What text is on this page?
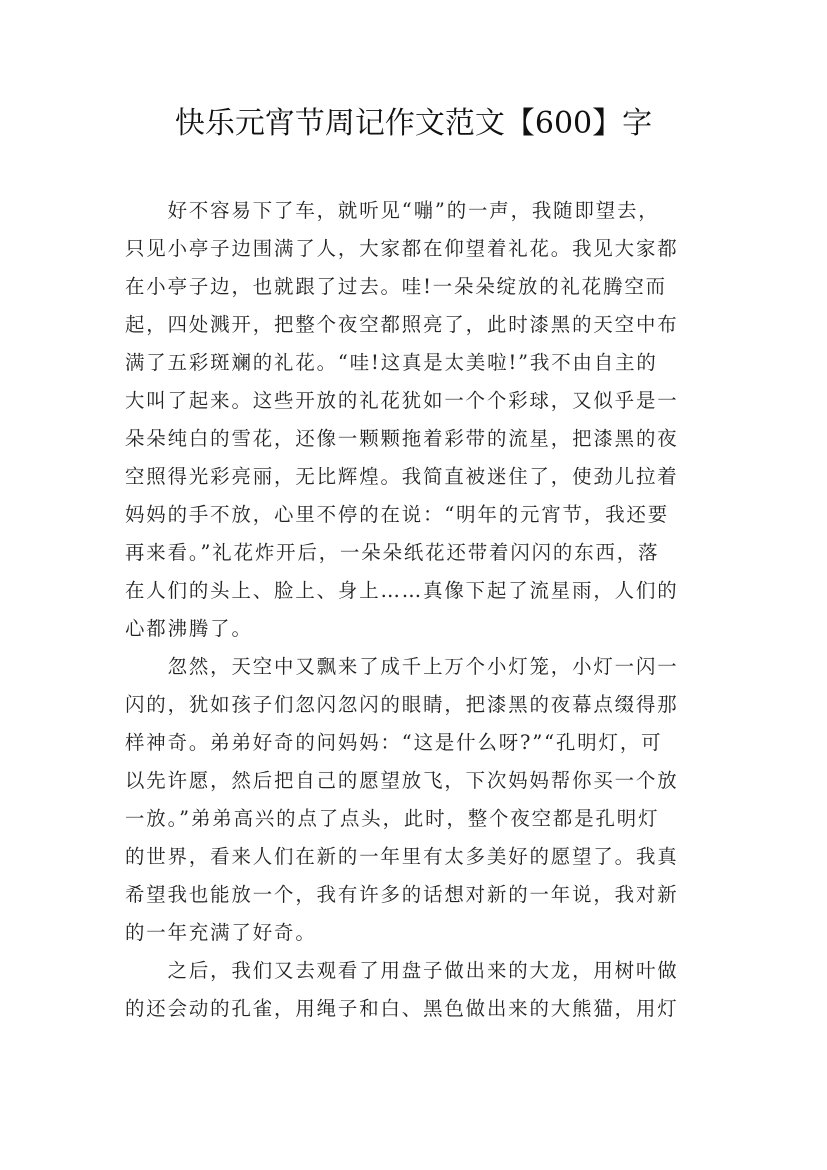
快乐元宵节周记作文范文【600】字
　　好不容易下了车，就听见“嘣”的一声，我随即望去，
只见小亭子边围满了人，大家都在仰望着礼花。我见大家都
在小亭子边，也就跟了过去。哇!一朵朵绽放的礼花腾空而
起，四处溅开，把整个夜空都照亮了，此时漆黑的天空中布
满了五彩斑斓的礼花。“哇!这真是太美啦!”我不由自主的
大叫了起来。这些开放的礼花犹如一个个彩球，又似乎是一
朵朵纯白的雪花，还像一颗颗拖着彩带的流星，把漆黑的夜
空照得光彩亮丽，无比辉煌。我简直被迷住了，使劲儿拉着
妈妈的手不放，心里不停的在说：“明年的元宵节，我还要
再来看。”礼花炸开后，一朵朵纸花还带着闪闪的东西，落
在人们的头上、脸上、身上……真像下起了流星雨，人们的
心都沸腾了。
　　忽然，天空中又飘来了成千上万个小灯笼，小灯一闪一
闪的，犹如孩子们忽闪忽闪的眼睛，把漆黑的夜幕点缀得那
样神奇。弟弟好奇的问妈妈：“这是什么呀?”“孔明灯，可
以先许愿，然后把自己的愿望放飞，下次妈妈帮你买一个放
一放。”弟弟高兴的点了点头，此时，整个夜空都是孔明灯
的世界，看来人们在新的一年里有太多美好的愿望了。我真
希望我也能放一个，我有许多的话想对新的一年说，我对新
的一年充满了好奇。
　　之后，我们又去观看了用盘子做出来的大龙，用树叶做
的还会动的孔雀，用绳子和白、黑色做出来的大熊猫，用灯
